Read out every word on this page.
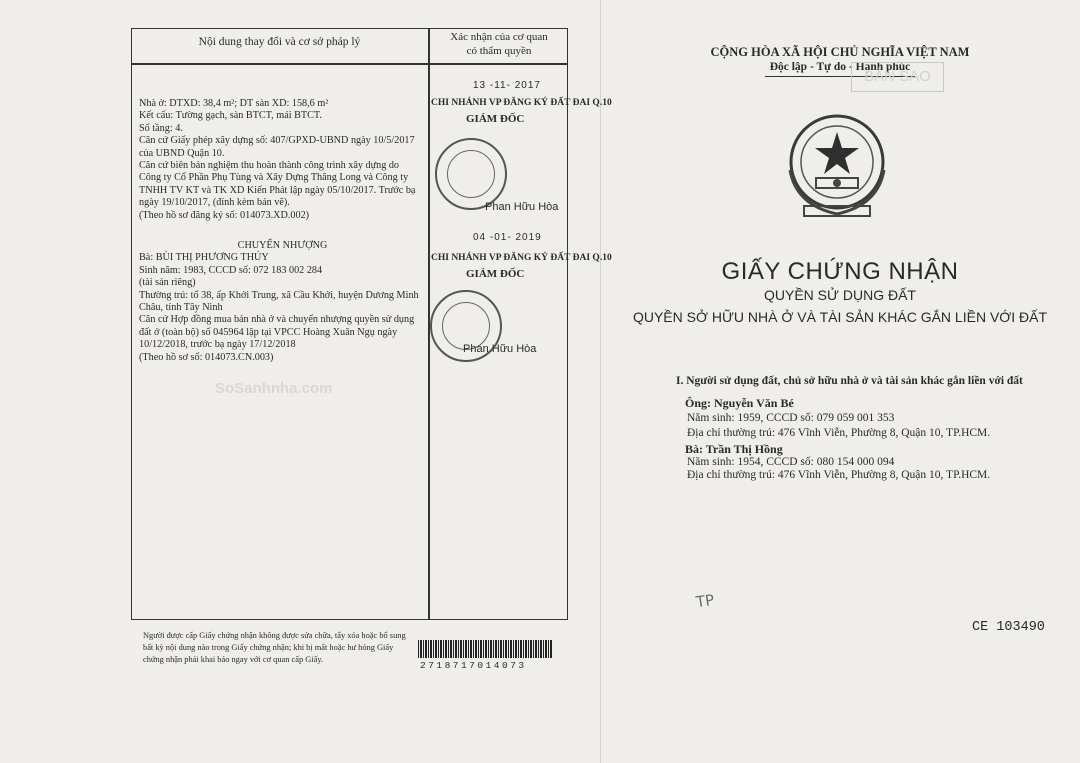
Nội dung thay đổi và cơ sở pháp lý	Xác nhận của cơ quan
có thẩm quyền
Nhà ở: DTXD: 38,4 m²; DT sàn XD: 158,6 m²
Kết cấu: Tường gạch, sàn BTCT, mái BTCT.
Số tầng: 4.
Căn cứ Giấy phép xây dựng số: 407/GPXD-UBND ngày 10/5/2017
của UBND Quận 10.
Căn cứ biên bản nghiệm thu hoàn thành công trình xây dựng do
Công ty Cổ Phần Phụ Tùng và Xây Dựng Thăng Long và Công ty
TNHH TV KT và TK XD Kiến Phát lập ngày 05/10/2017. Trước bạ
ngày 19/10/2017, (đính kèm bản vẽ).
(Theo hồ sơ đăng ký số: 014073.XD.002)
CHUYỂN NHƯỢNG
Bà: BÙI THỊ PHƯƠNG THÚY
Sinh năm: 1983, CCCD số: 072 183 002 284
(tài sản riêng)
Thường trú: tổ 38, ấp Khởi Trung, xã Cầu Khởi, huyện Dương Minh
Châu, tỉnh Tây Ninh
Căn cứ Hợp đồng mua bán nhà ở và chuyển nhượng quyền sử dụng
đất ở (toàn bộ) số 045964 lập tại VPCC Hoàng Xuân Ngụ ngày
10/12/2018, trước bạ ngày 17/12/2018
(Theo hồ sơ số: 014073.CN.003)
13 -11- 2017
CHI NHÁNH VP ĐĂNG KÝ ĐẤT ĐAI Q.10
GIÁM ĐỐC
Phan Hữu Hòa
04 -01- 2019
CHI NHÁNH VP ĐĂNG KÝ ĐẤT ĐAI Q.10
GIÁM ĐỐC
Phan Hữu Hòa
SoSanhnha.com
Người được cấp Giấy chứng nhận không được sửa chữa, tẩy xóa hoặc bổ sung bất kỳ nội dung nào trong Giấy chứng nhận; khi bị mất hoặc hư hỏng Giấy chứng nhận phải khai báo ngay với cơ quan cấp Giấy.
2718717014073
CỘNG HÒA XÃ HỘI CHỦ NGHĨA VIỆT NAM
Độc lập - Tự do - Hạnh phúc
BẢN SAO
GIẤY CHỨNG NHẬN
QUYỀN SỬ DỤNG ĐẤT
QUYỀN SỞ HỮU NHÀ Ở VÀ TÀI SẢN KHÁC GẮN LIỀN VỚI ĐẤT
I. Người sử dụng đất, chủ sở hữu nhà ở và tài sản khác gắn liền với đất
Ông: Nguyễn Văn Bé
Năm sinh: 1959, CCCD số: 079 059 001 353
Địa chỉ thường trú: 476 Vĩnh Viễn, Phường 8, Quận 10, TP.HCM.
Bà: Trần Thị Hồng
Năm sinh: 1954, CCCD số: 080 154 000 094
Địa chỉ thường trú: 476 Vĩnh Viễn, Phường 8, Quận 10, TP.HCM.
TP
CE 103490
